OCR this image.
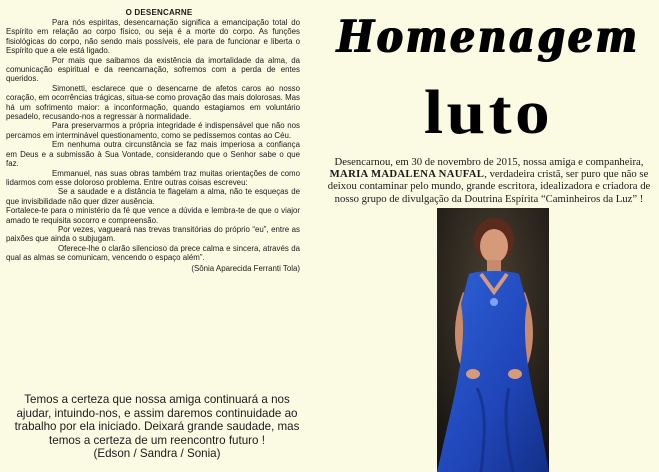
O DESENCARNE

Para nós espiritas, desencarnação significa a emancipação total do Espírito em relação ao corpo físico, ou seja é a morte do corpo. As funções fisiológicas do corpo, não sendo mais possíveis, ele para de funcionar e liberta o Espírito que a ele está ligado.

Por mais que saibamos da existência da imortalidade da alma, da comunicação espiritual e da reencarnação, sofremos com a perda de entes queridos.

Simonetti, esclarece que o desencarne de afetos caros ao nosso coração, em ocorrências trágicas, situa-se como provação das mais dolorosas. Mas há um sofrimento maior: a inconformação, quando estagiamos em voluntário pesadelo, recusando-nos a regressar à normalidade.

Para preservarmos a própria integridade é indispensável que não nos percamos em interminável questionamento, como se pedíssemos contas ao Céu.

Em nenhuma outra circunstância se faz mais imperiosa a confiança em Deus e a submissão à Sua Vontade, considerando que o Senhor sabe o que faz.

Emmanuel, nas suas obras também traz muitas orientações de como lidarmos com esse doloroso problema. Entre outras coisas escreveu:

Se a saudade e a distância te flagelam a alma, não te esqueças de que invisibilidade não quer dizer ausência.

Fortalece-te para o ministério da fé que vence a dúvida e lembra-te de que o viajor amado te requisita socorro e compreensão.

Por vezes, vagueará nas trevas transitórias do próprio “eu”, entre as paixões que ainda o subjugam.

Oferece-lhe o clarão silencioso da prece calma e sincera, através da qual as almas se comunicam, vencendo o espaço além”.

(Sônia Aparecida Ferranti Tola)

Temos a certeza que nossa amiga continuará a nos ajudar, intuindo-nos, e assim daremos continuidade ao trabalho por ela iniciado. Deixará grande saudade, mas temos a certeza de um reencontro futuro !
(Edson / Sandra / Sonia)
Homenagem
luto
Desencarnou, em 30 de novembro de 2015, nossa amiga e companheira, MARIA MADALENA NAUFAL, verdadeira cristã, ser puro que não se deixou contaminar pelo mundo, grande escritora, idealizadora e criadora de nosso grupo de divulgação da Doutrina Espírita “Caminheiros da Luz” !
